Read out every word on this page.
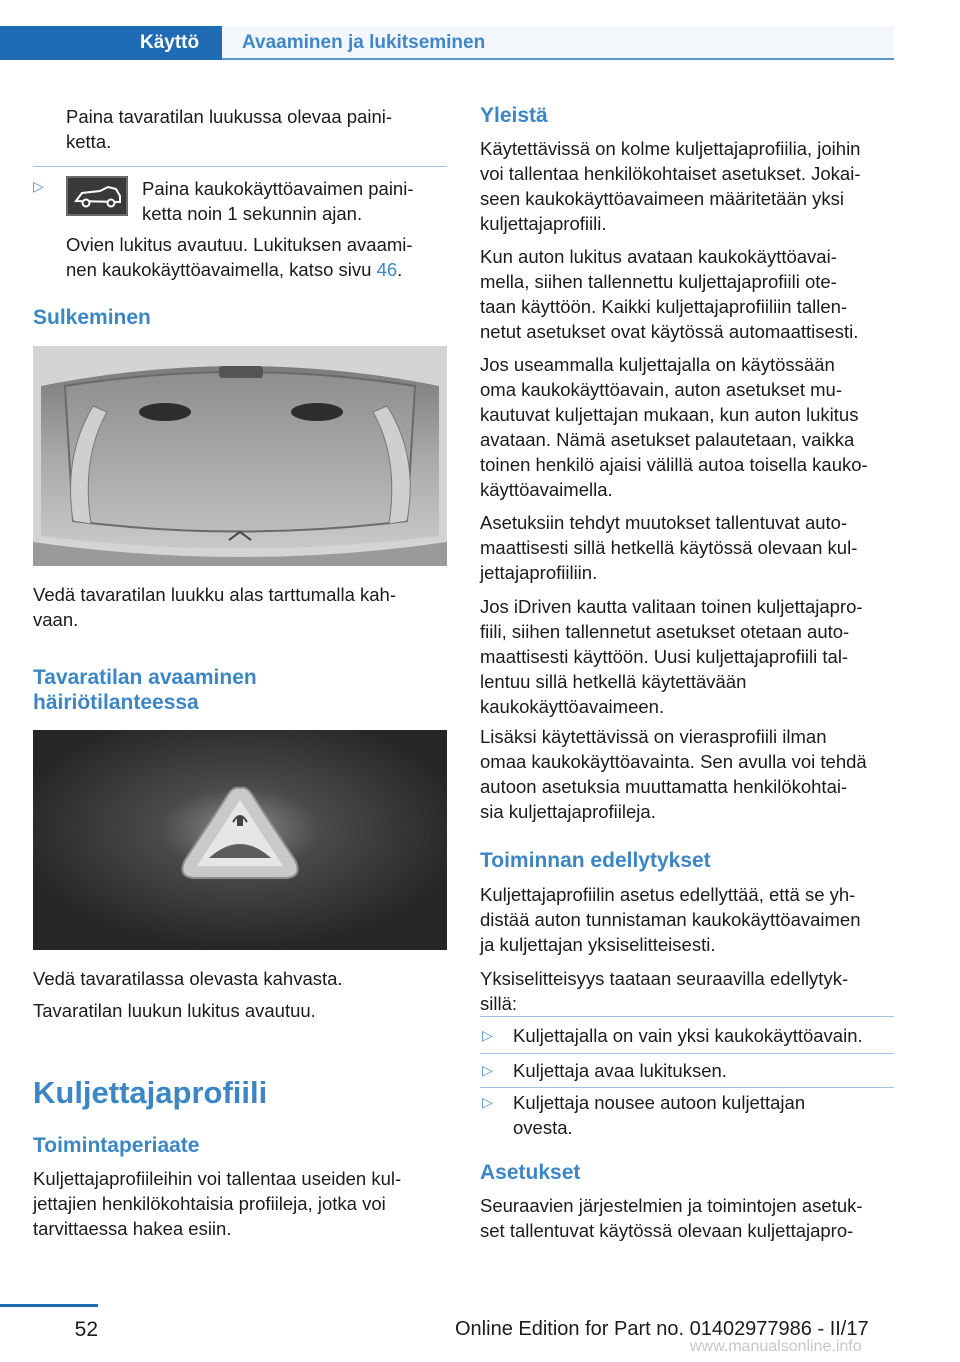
Käyttö	Avaaminen ja lukitseminen
Paina tavaratilan luukussa olevaa paini-
ketta.
▷	Paina kaukokäyttöavaimen paini-
ketta noin 1 sekunnin ajan.
Ovien lukitus avautuu. Lukituksen avaami-
nen kaukokäyttöavaimella, katso sivu 46.
Sulkeminen
Vedä tavaratilan luukku alas tarttumalla kah-
vaan.
Tavaratilan avaaminen
häiriötilanteessa
Vedä tavaratilassa olevasta kahvasta.
Tavaratilan luukun lukitus avautuu.
Kuljettajaprofiili
Toimintaperiaate
Kuljettajaprofiileihin voi tallentaa useiden kul-
jettajien henkilökohtaisia profiileja, jotka voi
tarvittaessa hakea esiin.
Yleistä
Käytettävissä on kolme kuljettajaprofiilia, joihin
voi tallentaa henkilökohtaiset asetukset. Jokai-
seen kaukokäyttöavaimeen määritetään yksi
kuljettajaprofiili.
Kun auton lukitus avataan kaukokäyttöavai-
mella, siihen tallennettu kuljettajaprofiili ote-
taan käyttöön. Kaikki kuljettajaprofiiliin tallen-
netut asetukset ovat käytössä automaattisesti.
Jos useammalla kuljettajalla on käytössään
oma kaukokäyttöavain, auton asetukset mu-
kautuvat kuljettajan mukaan, kun auton lukitus
avataan. Nämä asetukset palautetaan, vaikka
toinen henkilö ajaisi välillä autoa toisella kauko-
käyttöavaimella.
Asetuksiin tehdyt muutokset tallentuvat auto-
maattisesti sillä hetkellä käytössä olevaan kul-
jettajaprofiiliin.
Jos iDriven kautta valitaan toinen kuljettajapro-
fiili, siihen tallennetut asetukset otetaan auto-
maattisesti käyttöön. Uusi kuljettajaprofiili tal-
lentuu sillä hetkellä käytettävään
kaukokäyttöavaimeen.
Lisäksi käytettävissä on vierasprofiili ilman
omaa kaukokäyttöavainta. Sen avulla voi tehdä
autoon asetuksia muuttamatta henkilökohtai-
sia kuljettajaprofiileja.
Toiminnan edellytykset
Kuljettajaprofiilin asetus edellyttää, että se yh-
distää auton tunnistaman kaukokäyttöavaimen
ja kuljettajan yksiselitteisesti.
Yksiselitteisyys taataan seuraavilla edellytyk-
sillä:
▷ Kuljettajalla on vain yksi kaukokäyttöavain.
▷ Kuljettaja avaa lukituksen.
▷ Kuljettaja nousee autoon kuljettajan
ovesta.
Asetukset
Seuraavien järjestelmien ja toimintojen asetuk-
set tallentuvat käytössä olevaan kuljettajapro-
52	Online Edition for Part no. 01402977986 - II/17
www.manualsonline.info
